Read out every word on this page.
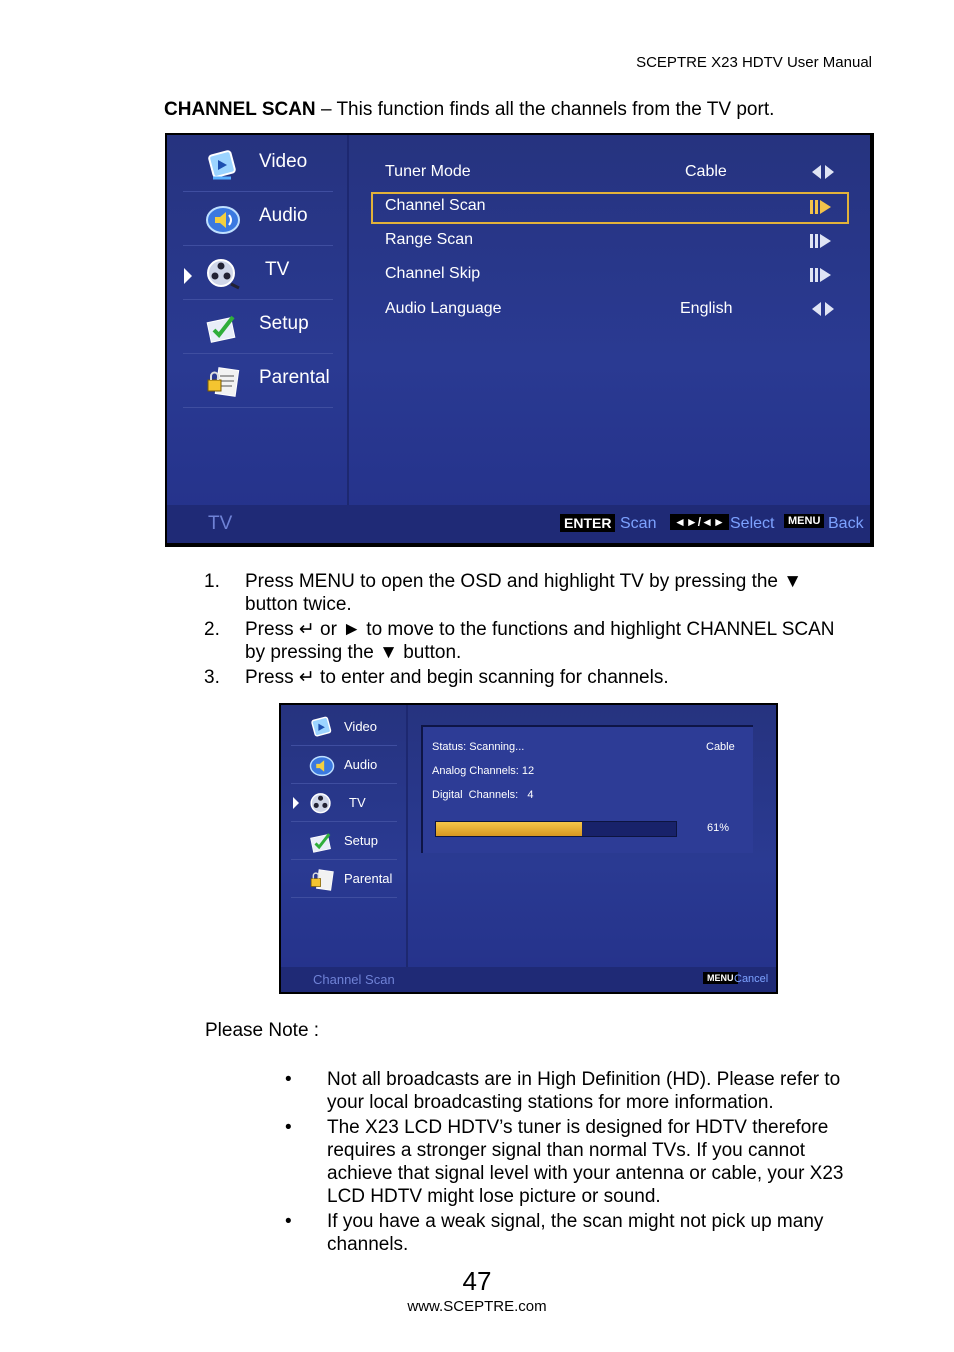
SCEPTRE X23 HDTV User Manual
CHANNEL SCAN – This function finds all the channels from the TV port.
Video
Audio
TV
Setup
Parental
Tuner Mode	Cable
Channel Scan
Range Scan
Channel Skip
Audio Language	English
TV	ENTER Scan	◄►/◄► Select	MENU Back
1. Press MENU to open the OSD and highlight TV by pressing the ▼ button twice.
2. Press ↵ or ► to move to the functions and highlight CHANNEL SCAN by pressing the ▼ button.
3. Press ↵ to enter and begin scanning for channels.
Video
Audio
TV
Setup
Parental
Status: Scanning...	Cable
Analog Channels: 12
Digital  Channels:   4
61%
Channel Scan	MENU Cancel
Please Note :
• Not all broadcasts are in High Definition (HD). Please refer to your local broadcasting stations for more information.
• The X23 LCD HDTV’s tuner is designed for HDTV therefore requires a stronger signal than normal TVs. If you cannot achieve that signal level with your antenna or cable, your X23 LCD HDTV might lose picture or sound.
• If you have a weak signal, the scan might not pick up many channels.
47
www.SCEPTRE.com
